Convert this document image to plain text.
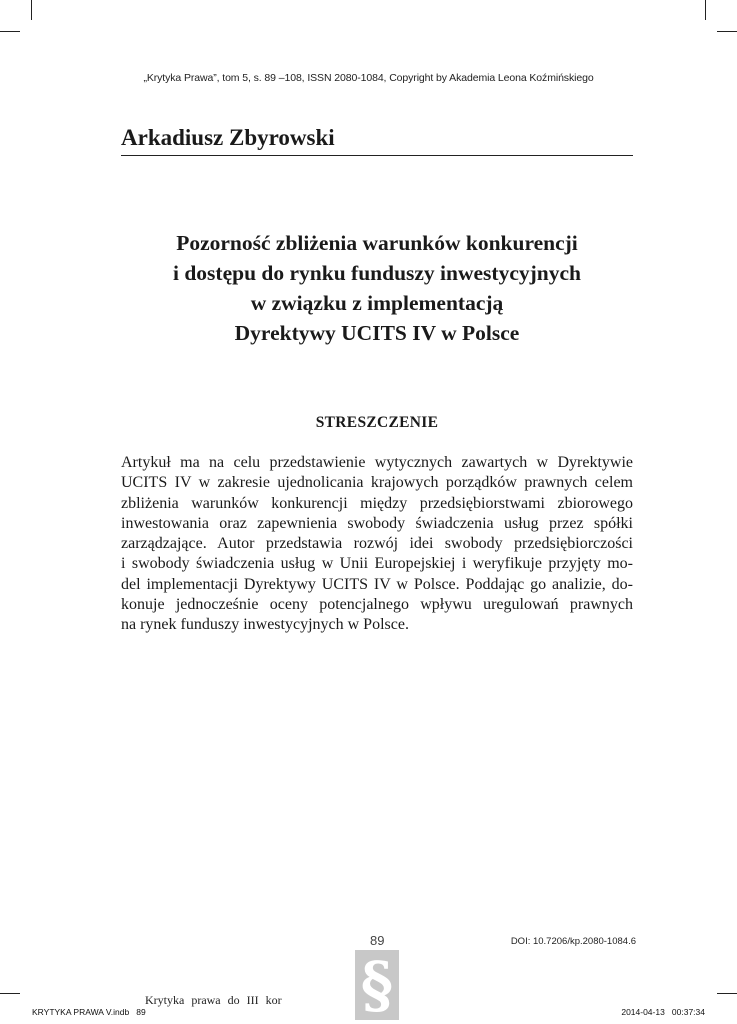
„Krytyka Prawa”, tom 5, s. 89 –108, ISSN 2080-1084, Copyright by Akademia Leona Koźmińskiego
Arkadiusz Zbyrowski
Pozorność zbliżenia warunków konkurencji
i dostępu do rynku funduszy inwestycyjnych
w związku z implementacją
Dyrektywy UCITS IV w Polsce
STRESZCZENIE
Artykuł ma na celu przedstawienie wytycznych zawartych w Dyrektywie
UCITS IV w zakresie ujednolicania krajowych porządków prawnych celem
zbliżenia warunków konkurencji między przedsiębiorstwami zbiorowego
inwestowania oraz zapewnienia swobody świadczenia usług przez spółki
zarządzające. Autor przedstawia rozwój idei swobody przedsiębiorczości
i swobody świadczenia usług w Unii Europejskiej i weryfikuje przyjęty mo-
del implementacji Dyrektywy UCITS IV w Polsce. Poddając go analizie, do-
konuje jednocześnie oceny potencjalnego wpływu uregulowań prawnych
na rynek funduszy inwestycyjnych w Polsce.
89	DOI: 10.7206/kp.2080-1084.6
§
Krytyka prawa do III kor
KRYTYKA PRAWA V.indb   89	2014-04-13   00:37:34
